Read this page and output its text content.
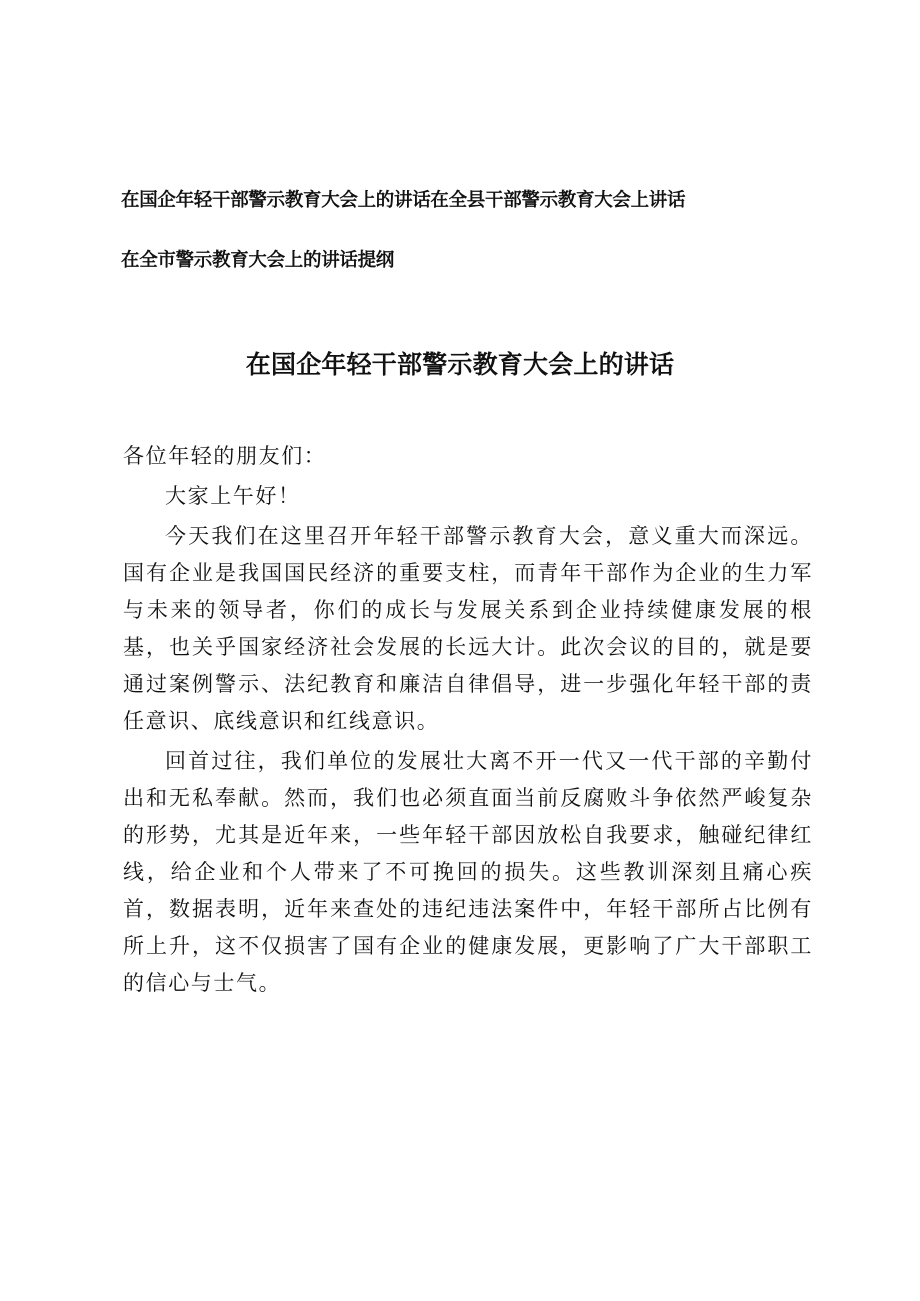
在国企年轻干部警示教育大会上的讲话在全县干部警示教育大会上讲话
在全市警示教育大会上的讲话提纲
在国企年轻干部警示教育大会上的讲话

各位年轻的朋友们：

大家上午好！

今天我们在这里召开年轻干部警示教育大会，意义重大而深远。国有企业是我国国民经济的重要支柱，而青年干部作为企业的生力军与未来的领导者，你们的成长与发展关系到企业持续健康发展的根基，也关乎国家经济社会发展的长远大计。此次会议的目的，就是要通过案例警示、法纪教育和廉洁自律倡导，进一步强化年轻干部的责任意识、底线意识和红线意识。

回首过往，我们单位的发展壮大离不开一代又一代干部的辛勤付出和无私奉献。然而，我们也必须直面当前反腐败斗争依然严峻复杂的形势，尤其是近年来，一些年轻干部因放松自我要求，触碰纪律红线，给企业和个人带来了不可挽回的损失。这些教训深刻且痛心疾首，数据表明，近年来查处的违纪违法案件中，年轻干部所占比例有所上升，这不仅损害了国有企业的健康发展，更影响了广大干部职工的信心与士气。
